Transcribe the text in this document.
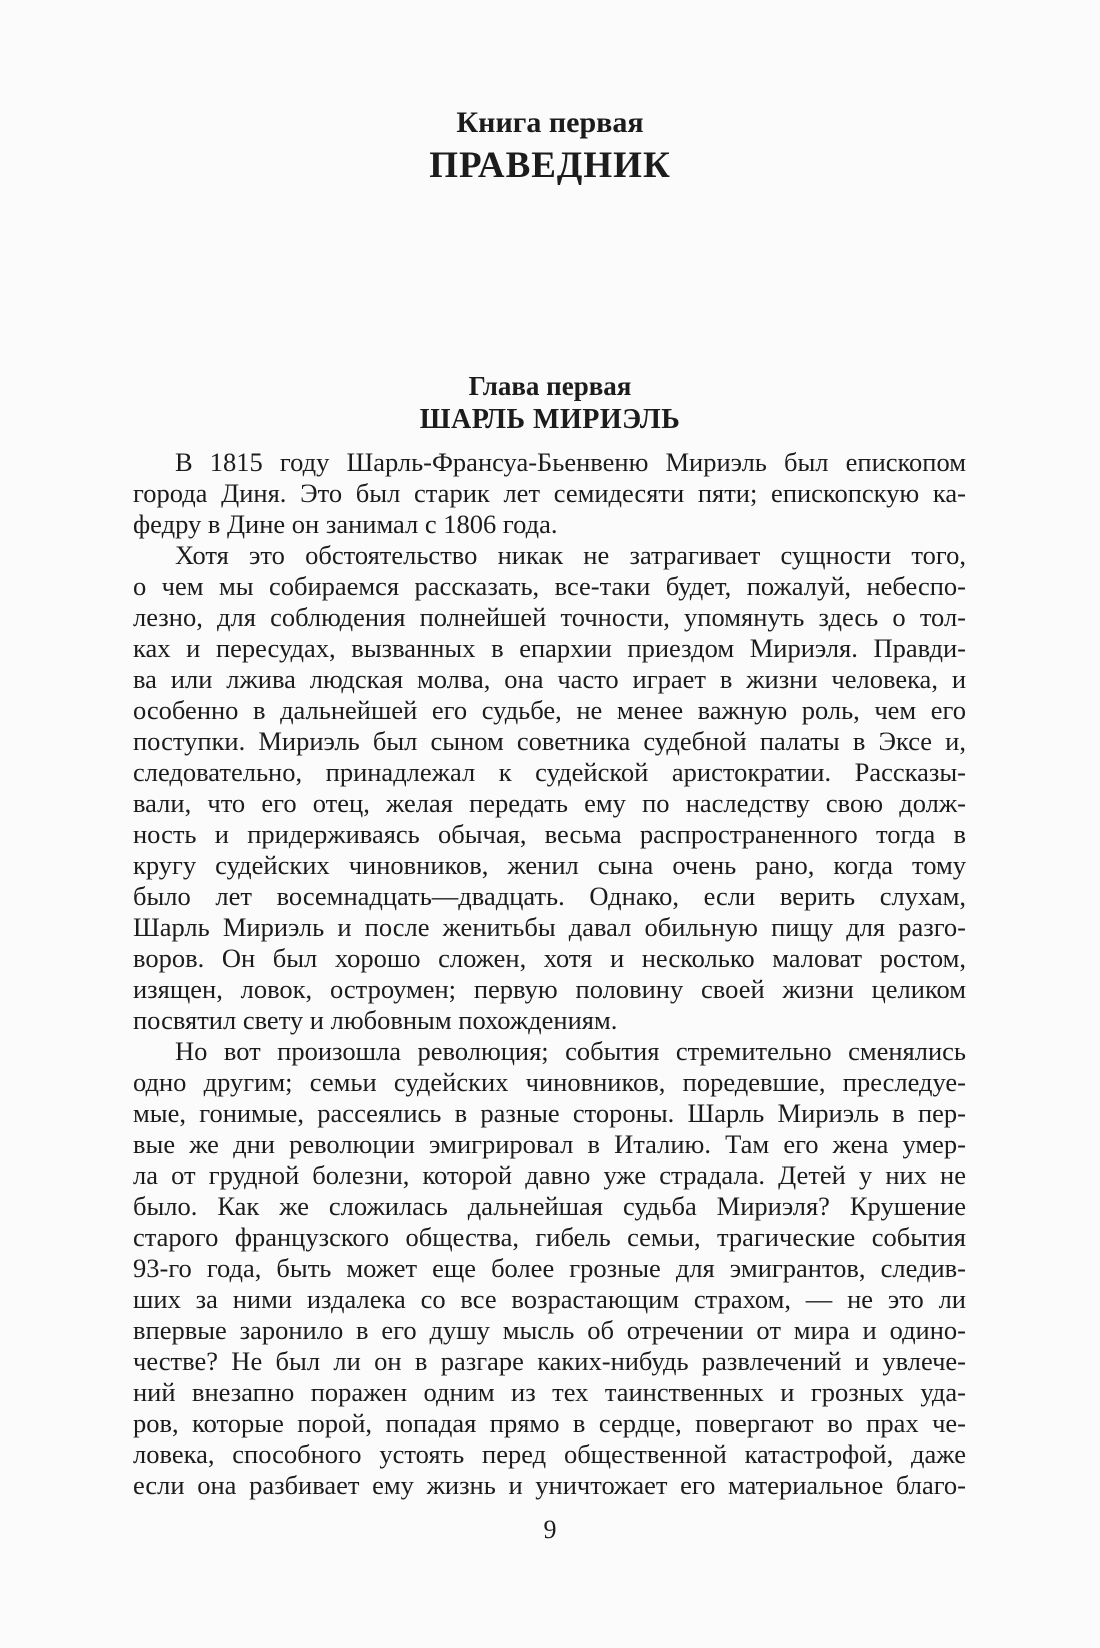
Книга первая
ПРАВЕДНИК
Глава первая
ШАРЛЬ МИРИЭЛЬ
В 1815 году Шарль-Франсуа-Бьенвеню Мириэль был епископом
города Диня. Это был старик лет семидесяти пяти; епископскую ка-
федру в Дине он занимал с 1806 года.
Хотя это обстоятельство никак не затрагивает сущности того,
о чем мы собираемся рассказать, все-таки будет, пожалуй, небеспо-
лезно, для соблюдения полнейшей точности, упомянуть здесь о тол-
ках и пересудах, вызванных в епархии приездом Мириэля. Правди-
ва или лжива людская молва, она часто играет в жизни человека, и
особенно в дальнейшей его судьбе, не менее важную роль, чем его
поступки. Мириэль был сыном советника судебной палаты в Эксе и,
следовательно, принадлежал к судейской аристократии. Рассказы-
вали, что его отец, желая передать ему по наследству свою долж-
ность и придерживаясь обычая, весьма распространенного тогда в
кругу судейских чиновников, женил сына очень рано, когда тому
было лет восемнадцать—двадцать. Однако, если верить слухам,
Шарль Мириэль и после женитьбы давал обильную пищу для разго-
воров. Он был хорошо сложен, хотя и несколько маловат ростом,
изящен, ловок, остроумен; первую половину своей жизни целиком
посвятил свету и любовным похождениям.
Но вот произошла революция; события стремительно сменялись
одно другим; семьи судейских чиновников, поредевшие, преследуе-
мые, гонимые, рассеялись в разные стороны. Шарль Мириэль в пер-
вые же дни революции эмигрировал в Италию. Там его жена умер-
ла от грудной болезни, которой давно уже страдала. Детей у них не
было. Как же сложилась дальнейшая судьба Мириэля? Крушение
старого французского общества, гибель семьи, трагические события
93-го года, быть может еще более грозные для эмигрантов, следив-
ших за ними издалека со все возрастающим страхом, — не это ли
впервые заронило в его душу мысль об отречении от мира и одино-
честве? Не был ли он в разгаре каких-нибудь развлечений и увлече-
ний внезапно поражен одним из тех таинственных и грозных уда-
ров, которые порой, попадая прямо в сердце, повергают во прах че-
ловека, способного устоять перед общественной катастрофой, даже
если она разбивает ему жизнь и уничтожает его материальное благо-
9
